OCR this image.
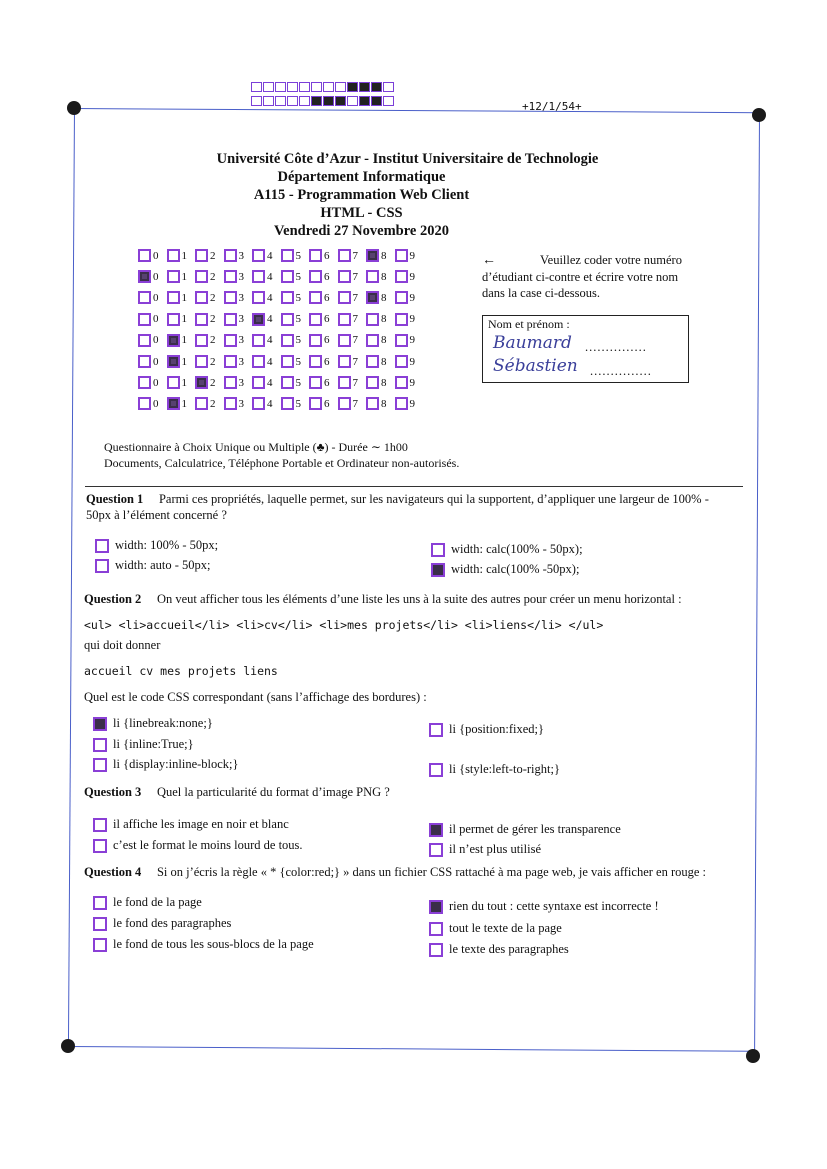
+12/1/54+
Université Côte d’Azur - Institut Universitaire de Technologie
Département Informatique
A115 - Programmation Web Client
HTML - CSS
Vendredi 27 Novembre 2020
0 1 2 3 4 5 6 7 8 9
0 1 2 3 4 5 6 7 8 9
0 1 2 3 4 5 6 7 8 9
0 1 2 3 4 5 6 7 8 9
0 1 2 3 4 5 6 7 8 9
0 1 2 3 4 5 6 7 8 9
0 1 2 3 4 5 6 7 8 9
0 1 2 3 4 5 6 7 8 9
←	Veuillez coder votre numéro
d’étudiant ci-contre et écrire votre nom
dans la case ci-dessous.
Nom et prénom :
Baumard ...............
Sébastien ...............
Questionnaire à Choix Unique ou Multiple (♣) - Durée ∼ 1h00
Documents, Calculatrice, Téléphone Portable et Ordinateur non-autorisés.
Question 1 Parmi ces propriétés, laquelle permet, sur les navigateurs qui la supportent, d’appliquer une largeur de 100% -
50px à l’élément concerné ?
width: 100% - 50px;
width: auto - 50px;
width: calc(100% - 50px);
width: calc(100% -50px);
Question 2 On veut afficher tous les éléments d’une liste les uns à la suite des autres pour créer un menu horizontal :
<ul> <li>accueil</li> <li>cv</li> <li>mes projets</li> <li>liens</li> </ul>
qui doit donner
accueil cv mes projets liens
Quel est le code CSS correspondant (sans l’affichage des bordures) :
li {linebreak:none;}
li {inline:True;}
li {display:inline-block;}
li {position:fixed;}
li {style:left-to-right;}
Question 3 Quel la particularité du format d’image PNG ?
il affiche les image en noir et blanc
c’est le format le moins lourd de tous.
il permet de gérer les transparence
il n’est plus utilisé
Question 4 Si on j’écris la règle « * {color:red;} » dans un fichier CSS rattaché à ma page web, je vais afficher en rouge :
le fond de la page
le fond des paragraphes
le fond de tous les sous-blocs de la page
rien du tout : cette syntaxe est incorrecte !
tout le texte de la page
le texte des paragraphes
